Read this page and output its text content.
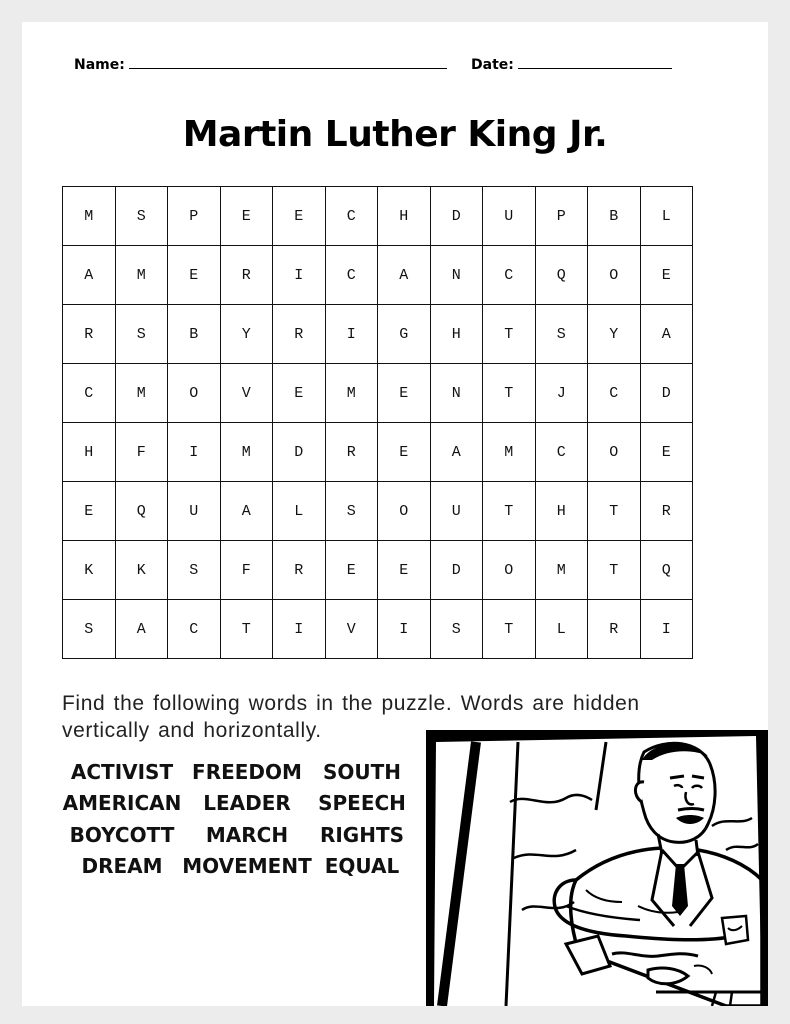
Name:	Date:
Martin Luther King Jr.
M	S	P	E	E	C	H	D	U	P	B	L
A	M	E	R	I	C	A	N	C	Q	O	E
R	S	B	Y	R	I	G	H	T	S	Y	A
C	M	O	V	E	M	E	N	T	J	C	D
H	F	I	M	D	R	E	A	M	C	O	E
E	Q	U	A	L	S	O	U	T	H	T	R
K	K	S	F	R	E	E	D	O	M	T	Q
S	A	C	T	I	V	I	S	T	L	R	I
Find the following words in the puzzle. Words are hidden vertically and horizontally.
ACTIVIST FREEDOM	SOUTH
AMERICAN	LEADER	SPEECH
BOYCOTT	MARCH	RIGHTS
DREAM MOVEMENT EQUAL
